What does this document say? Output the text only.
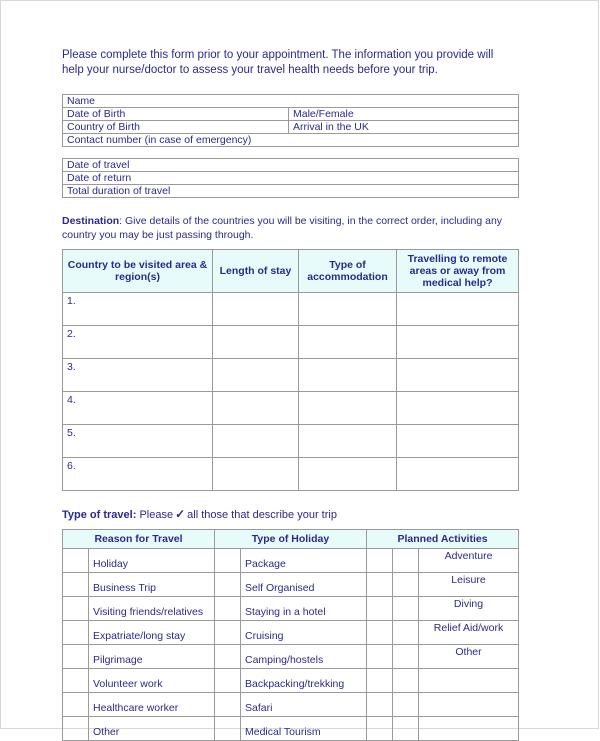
Please complete this form prior to your appointment. The information you provide will help your nurse/doctor to assess your travel health needs before your trip.
Name	
Date of Birth	Male/Female
Country of Birth	Arrival in the UK
Contact number (in case of emergency)	
Date of travel
Date of return
Total duration of travel
Destination: Give details of the countries you will be visiting, in the correct order, including any country you may be just passing through.
Country to be visited area & region(s)	Length of stay	Type of accommodation	Travelling to remote areas or away from medical help?
1.			
2.			
3.			
4.			
5.			
6.			
Type of travel: Please ✓ all those that describe your trip
Reason for Travel		Type of Holiday		Planned Activities		
	Holiday		Package			Adventure
	Business Trip		Self Organised			Leisure
	Visiting friends/relatives		Staying in a hotel			Diving
	Expatriate/long stay		Cruising			Relief Aid/work
	Pilgrimage		Camping/hostels			Other
	Volunteer work		Backpacking/trekking			
	Healthcare worker		Safari			
	Other		Medical Tourism			
